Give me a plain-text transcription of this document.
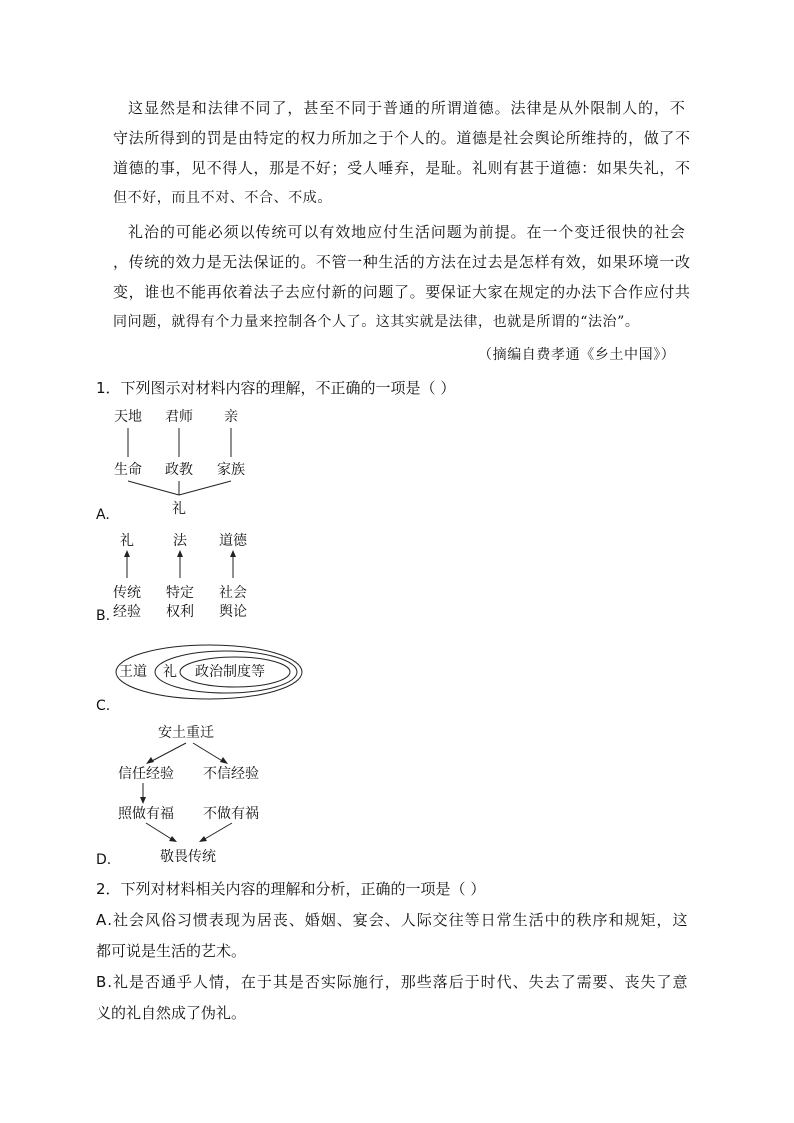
这 显 然 是 和 法 律 不 同 了 ， 甚 至 不 同 于 普 通 的 所 谓 道 德 。 法 律 是 从 外 限 制 人 的 ， 不
守 法 所 得 到 的 罚 是 由 特 定 的 权 力 所 加 之 于 个 人 的 。 道 德 是 社 会 舆 论 所 维 持 的 ， 做 了 不
道 德 的 事 ， 见 不 得 人 ， 那 是 不 好 ； 受 人 唾 弃 ， 是 耻 。 礼 则 有 甚 于 道 德 ： 如 果 失 礼 ， 不
但不好，而且不对、不合、不成。
礼 治 的 可 能 必 须 以 传 统 可 以 有 效 地 应 付 生 活 问 题 为 前 提 。 在 一 个 变 迁 很 快 的 社 会
， 传 统 的 效 力 是 无 法 保 证 的 。 不 管 一 种 生 活 的 方 法 在 过 去 是 怎 样 有 效 ， 如 果 环 境 一 改
变 ， 谁 也 不 能 再 依 着 法 子 去 应 付 新 的 问 题 了 。 要 保 证 大 家 在 规 定 的 办 法 下 合 作 应 付 共
同问题，就得有个力量来控制各个人了。这其实就是法律，也就是所谓的“法治”。
（摘编自费孝通《乡土中国》）
1．下列图示对材料内容的理解，不正确的一项是（ ）
天地	君师	亲
生命	政教	家族
礼
A.
礼	法	道德
传统	特定	社会
经验	权利	舆论
B.
王道 礼 政治制度等
C.
安土重迁
信任经验	不信经验
照做有福	不做有祸
敬畏传统
D.
2．下列对材料相关内容的理解和分析，正确的一项是（ ）
A . 社 会 风 俗 习 惯 表 现 为 居 丧 、 婚 姻 、 宴 会 、 人 际 交 往 等 日 常 生 活 中 的 秩 序 和 规 矩 ， 这
都可说是生活的艺术。
B . 礼 是 否 通 乎 人 情 ， 在 于 其 是 否 实 际 施 行 ， 那 些 落 后 于 时 代 、 失 去 了 需 要 、 丧 失 了 意
义的礼自然成了伪礼。
